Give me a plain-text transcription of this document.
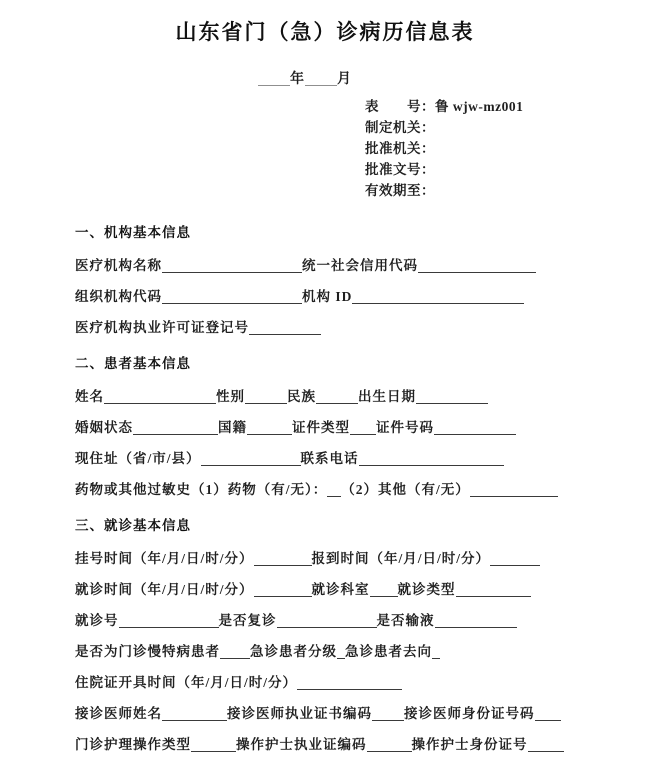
山东省门（急）诊病历信息表
年 月
表　　号：鲁 wjw-mz001
制定机关：
批准机关：
批准文号：
有效期至：
一、机构基本信息
医疗机构名称	统一社会信用代码
组织机构代码	机构 ID
医疗机构执业许可证登记号
二、患者基本信息
姓名	性别	民族	出生日期
婚姻状态	国籍	证件类型 证件号码
现住址（省/市/县）	联系电话
药物或其他过敏史（1）药物（有/无）： （2）其他（有/无）
三、就诊基本信息
挂号时间（年/月/日/时/分）	报到时间（年/月/日/时/分）
就诊时间（年/月/日/时/分）	就诊科室 就诊类型
就诊号	是否复诊	是否输液
是否为门诊慢特病患者 急诊患者分级 急诊患者去向
住院证开具时间（年/月/日/时/分）
接诊医师姓名	接诊医师执业证书编码 接诊医师身份证号码
门诊护理操作类型	操作护士执业证编码	操作护士身份证号
